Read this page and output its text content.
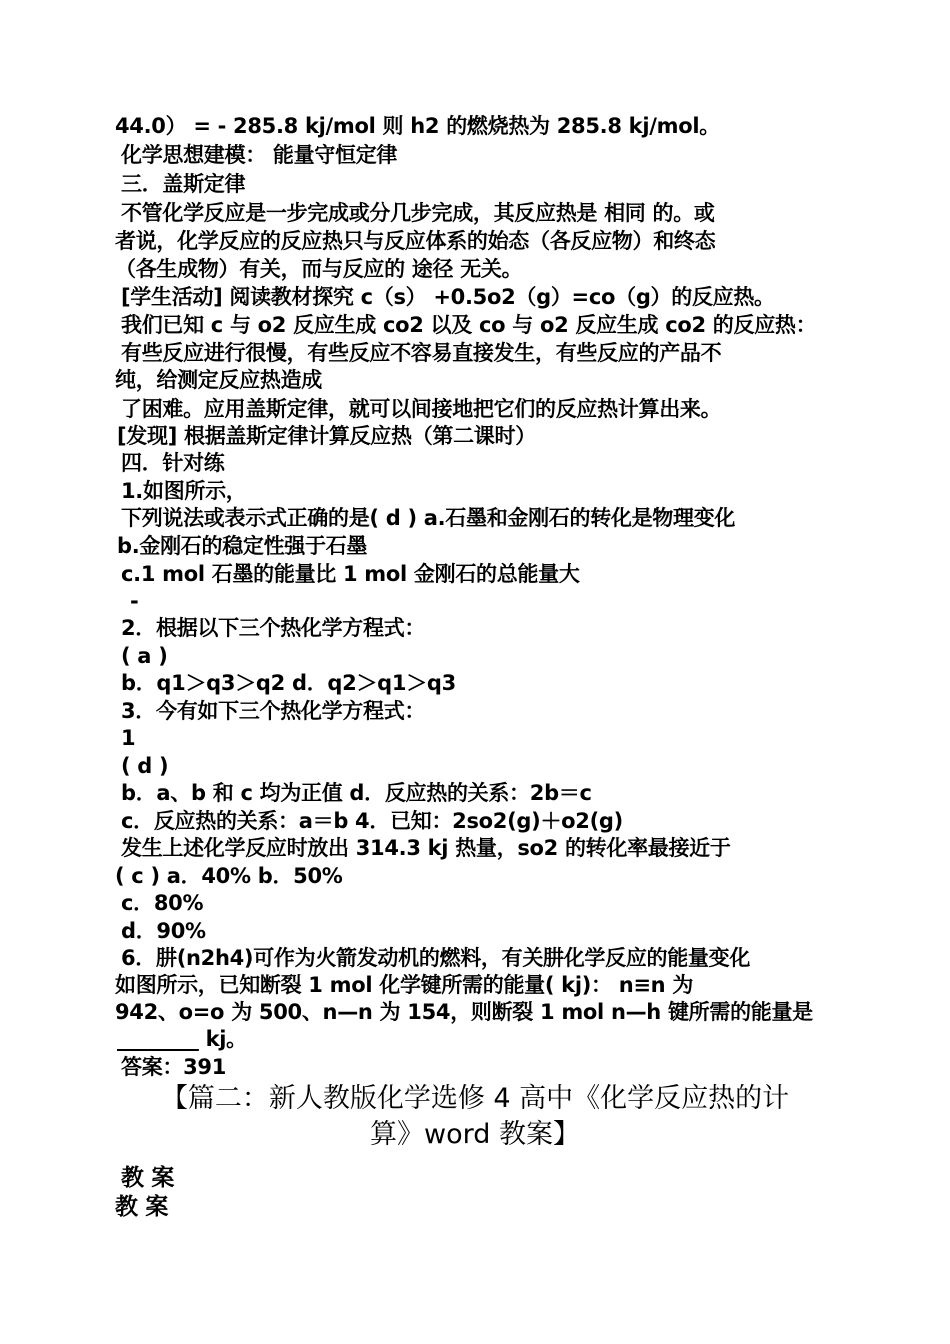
44.0） = - 285.8 kj/mol 则 h2 的燃烧热为 285.8 kj/mol。
化学思想建模： 能量守恒定律
三．盖斯定律
不管化学反应是一步完成或分几步完成，其反应热是 相同 的。或
者说，化学反应的反应热只与反应体系的始态（各反应物）和终态
（各生成物）有关，而与反应的 途径 无关。
[学生活动] 阅读教材探究 c（s） +0.5o2（g）=co（g）的反应热。
我们已知 c 与 o2 反应生成 co2 以及 co 与 o2 反应生成 co2 的反应热：
有些反应进行很慢，有些反应不容易直接发生，有些反应的产品不
纯，给测定反应热造成
了困难。应用盖斯定律，就可以间接地把它们的反应热计算出来。
[发现] 根据盖斯定律计算反应热（第二课时）
四．针对练
1.如图所示，
下列说法或表示式正确的是( d ) a.石墨和金刚石的转化是物理变化
b.金刚石的稳定性强于石墨
c.1 mol 石墨的能量比 1 mol 金刚石的总能量大
-
2．根据以下三个热化学方程式：
( a )
b．q1＞q3＞q2 d．q2＞q1＞q3
3．今有如下三个热化学方程式：
1
( d )
b．a、b 和 c 均为正值 d．反应热的关系：2b＝c
c．反应热的关系：a＝b 4．已知：2so2(g)＋o2(g)
发生上述化学反应时放出 314.3 kj 热量，so2 的转化率最接近于
( c ) a．40% b．50%
c．80%
d．90%
6．肼(n2h4)可作为火箭发动机的燃料，有关肼化学反应的能量变化
如图所示，已知断裂 1 mol 化学键所需的能量( kj)： n≡n 为
942、o=o 为 500、n—n 为 154，则断裂 1 mol n—h 键所需的能量是
________ kj。
答案：391
【篇二：新人教版化学选修 4 高中《化学反应热的计
算》word 教案】
教 案
教 案
